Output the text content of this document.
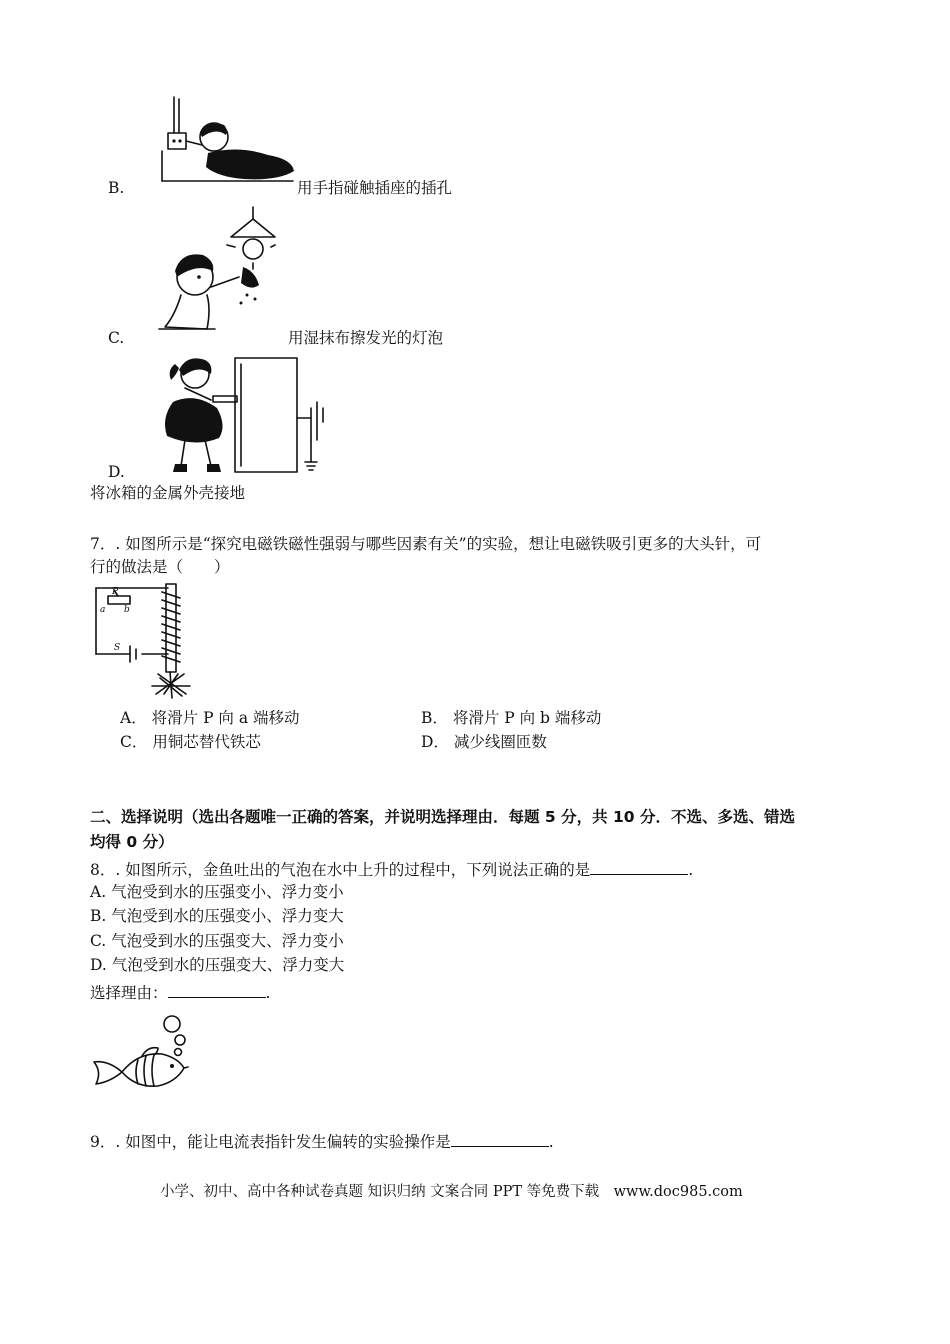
B.	用手指碰触插座的插孔
C.	用湿抹布擦发光的灯泡
D.
将冰箱的金属外壳接地
7．. 如图所示是“探究电磁铁磁性强弱与哪些因素有关”的实验，想让电磁铁吸引更多的大头针，可
行的做法是（　　）
P
a b
S
A． 将滑片 P 向 a 端移动	B． 将滑片 P 向 b 端移动
C． 用铜芯替代铁芯	D． 减少线圈匝数
二、选择说明（选出各题唯一正确的答案，并说明选择理由．每题 5 分，共 10 分．不选、多选、错选
均得 0 分）
8．. 如图所示，金鱼吐出的气泡在水中上升的过程中，下列说法正确的是	.
A. 气泡受到水的压强变小、浮力变小
B. 气泡受到水的压强变小、浮力变大
C. 气泡受到水的压强变大、浮力变小
D. 气泡受到水的压强变大、浮力变大
选择理由：	.
9．. 如图中，能让电流表指针发生偏转的实验操作是	.
小学、初中、高中各种试卷真题 知识归纳 文案合同 PPT 等免费下载　www.doc985.com
